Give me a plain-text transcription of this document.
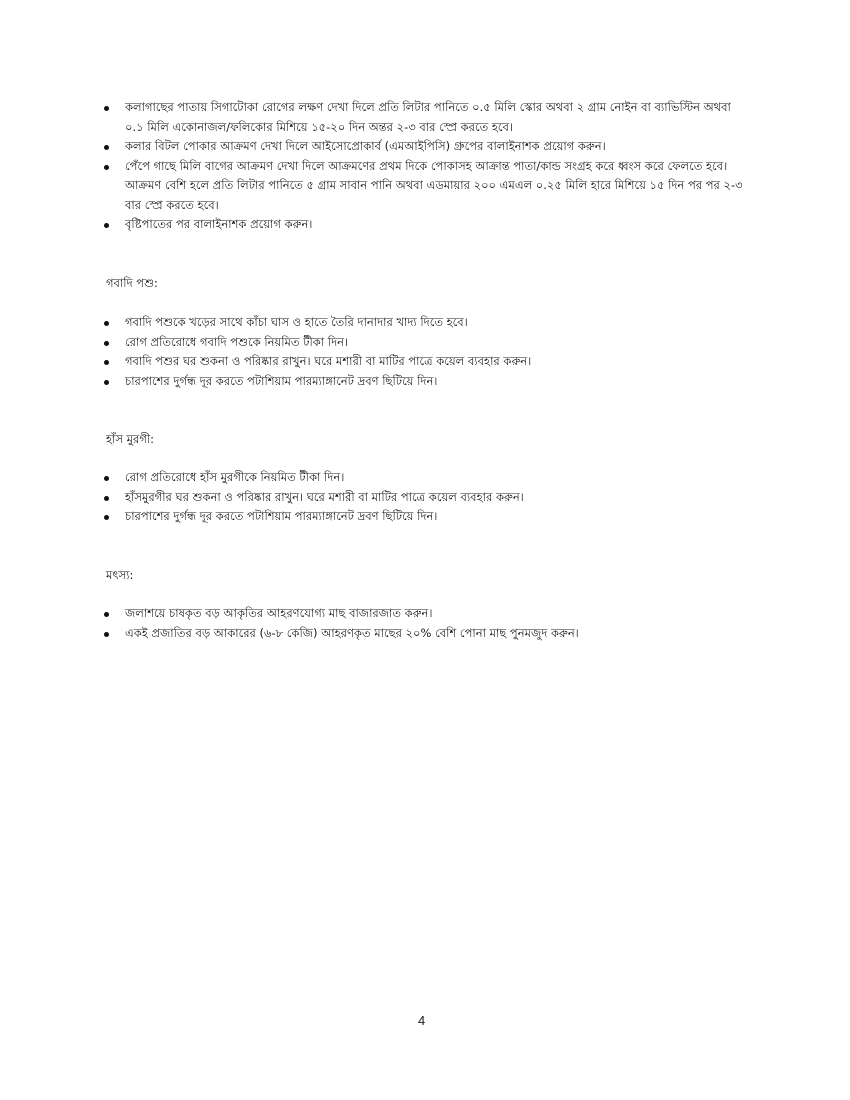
কলাগাছের পাতায় সিগাটোকা রোগের লক্ষণ দেখা দিলে প্রতি লিটার পানিতে ০.৫ মিলি স্কোর অথবা ২ গ্রাম নোইন বা ব্যাভিস্টিন অথবা ০.১ মিলি একোনাজল/ফলিকোর মিশিয়ে ১৫-২০ দিন অন্তর ২-৩ বার স্প্রে করতে হবে।
কলার বিটল পোকার আক্রমণ দেখা দিলে আইসোপ্রোকার্ব (এমআইপিসি) গ্রুপের বালাইনাশক প্রয়োগ করুন।
পেঁপে গাছে মিলি বাগের আক্রমণ দেখা দিলে আক্রমণের প্রথম দিকে পোকাসহ আক্রান্ত পাতা/কান্ড সংগ্রহ করে ধ্বংস করে ফেলতে হবে। আক্রমণ বেশি হলে প্রতি লিটার পানিতে ৫ গ্রাম সাবান পানি অথবা এডমায়ার ২০০ এমএল ০.২৫ মিলি হারে মিশিয়ে ১৫ দিন পর পর ২-৩ বার স্প্রে করতে হবে।
বৃষ্টিপাতের পর বালাইনাশক প্রয়োগ করুন।
গবাদি পশু:
গবাদি পশুকে খড়ের সাথে কাঁচা ঘাস ও হাতে তৈরি দানাদার খাদ্য দিতে হবে।
রোগ প্রতিরোধে গবাদি পশুকে নিয়মিত টীকা দিন।
গবাদি পশুর ঘর শুকনা ও পরিষ্কার রাখুন। ঘরে মশারী বা মাটির পাত্রে কয়েল ব্যবহার করুন।
চারপাশের দুর্গন্ধ দূর করতে পটাশিয়াম পারম্যাঙ্গানেট দ্রবণ ছিটিয়ে দিন।
হাঁস মুরগী:
রোগ প্রতিরোধে হাঁস মুরগীকে নিয়মিত টীকা দিন।
হাঁসমুরগীর ঘর শুকনা ও পরিষ্কার রাখুন। ঘরে মশারী বা মাটির পাত্রে কয়েল ব্যবহার করুন।
চারপাশের দুর্গন্ধ দূর করতে পটাশিয়াম পারম্যাঙ্গানেট দ্রবণ ছিটিয়ে দিন।
মৎস্য:
জলাশয়ে চাষকৃত বড় আকৃতির আহরণযোগ্য মাছ বাজারজাত করুন।
একই প্রজাতির বড় আকারের (৬-৮ কেজি) আহরণকৃত মাছের ২০% বেশি পোনা মাছ পুনমজুদ করুন।
4
